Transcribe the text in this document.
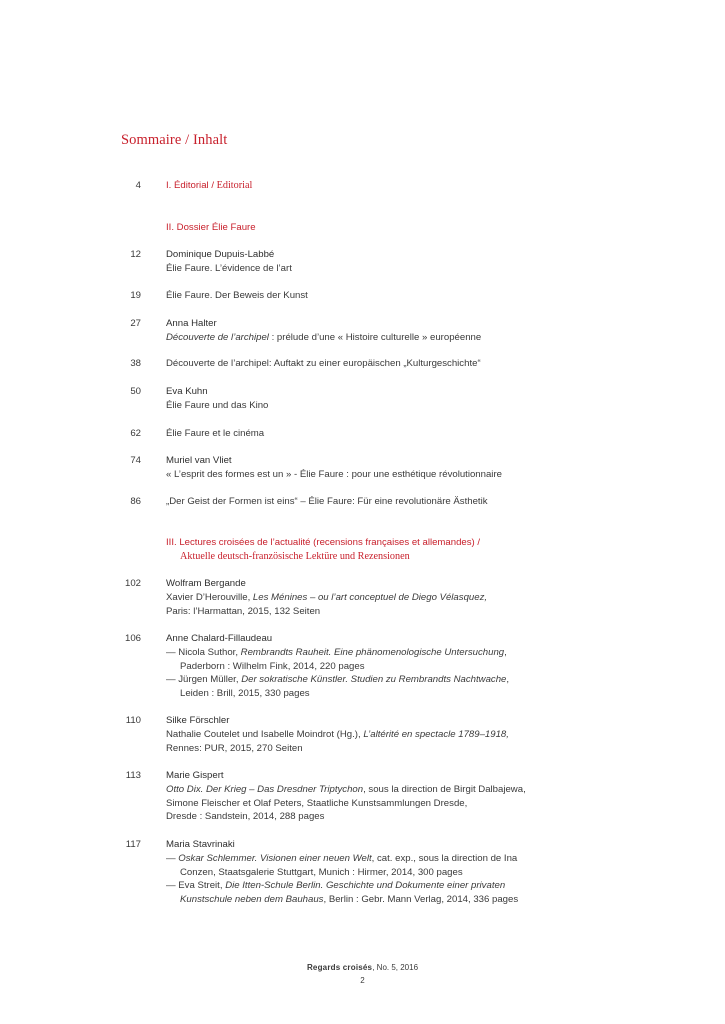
Sommaire / Inhalt
4	I. Éditorial / Editorial
II. Dossier Élie Faure
12	Dominique Dupuis-Labbé
Élie Faure. L’évidence de l’art
19	Élie Faure. Der Beweis der Kunst
27	Anna Halter
Découverte de l’archipel : prélude d’une « Histoire culturelle » européenne
38	Découverte de l’archipel: Auftakt zu einer europäischen „Kulturgeschichte“
50	Eva Kuhn
Élie Faure und das Kino
62	Élie Faure et le cinéma
74	Muriel van Vliet
« L’esprit des formes est un » - Élie Faure : pour une esthétique révolutionnaire
86	„Der Geist der Formen ist eins“ – Élie Faure: Für eine revolutionäre Ästhetik
III. Lectures croisées de l’actualité (recensions françaises et allemandes) /
Aktuelle deutsch-französische Lektüre und Rezensionen
102	Wolfram Bergande
Xavier D’Herouville, Les Ménines – ou l’art conceptuel de Diego Vélasquez,
Paris: l’Harmattan, 2015, 132 Seiten
106	Anne Chalard-Fillaudeau
— Nicola Suthor, Rembrandts Rauheit. Eine phänomenologische Untersuchung,
Paderborn : Wilhelm Fink, 2014, 220 pages
— Jürgen Müller, Der sokratische Künstler. Studien zu Rembrandts Nachtwache,
Leiden : Brill, 2015, 330 pages
110	Silke Förschler
Nathalie Coutelet und Isabelle Moindrot (Hg.), L’altérité en spectacle 1789–1918,
Rennes: PUR, 2015, 270 Seiten
113	Marie Gispert
Otto Dix. Der Krieg – Das Dresdner Triptychon, sous la direction de Birgit Dalbajewa,
Simone Fleischer et Olaf Peters, Staatliche Kunstsammlungen Dresde,
Dresde : Sandstein, 2014, 288 pages
117	Maria Stavrinaki
— Oskar Schlemmer. Visionen einer neuen Welt, cat. exp., sous la direction de Ina
Conzen, Staatsgalerie Stuttgart, Munich : Hirmer, 2014, 300 pages
— Eva Streit, Die Itten-Schule Berlin. Geschichte und Dokumente einer privaten
Kunstschule neben dem Bauhaus, Berlin : Gebr. Mann Verlag, 2014, 336 pages
Regards croisés, No. 5, 2016
2
